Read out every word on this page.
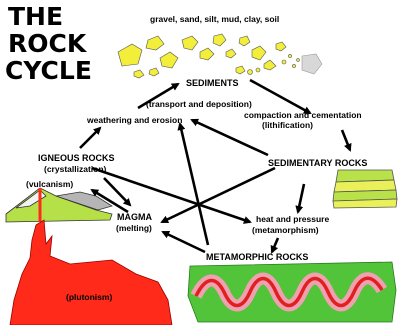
THE
ROCK
CYCLE
gravel, sand, silt, mud, clay, soil
(plutonism)
SEDIMENTS
(transport and deposition)
weathering and erosion	compaction and cementation
(lithification)
SEDIMENTARY ROCKS
IGNEOUS ROCKS
(crystallization)
(vulcanism)
MAGMA
(melting)
heat and pressure
(metamorphism)
METAMORPHIC ROCKS
